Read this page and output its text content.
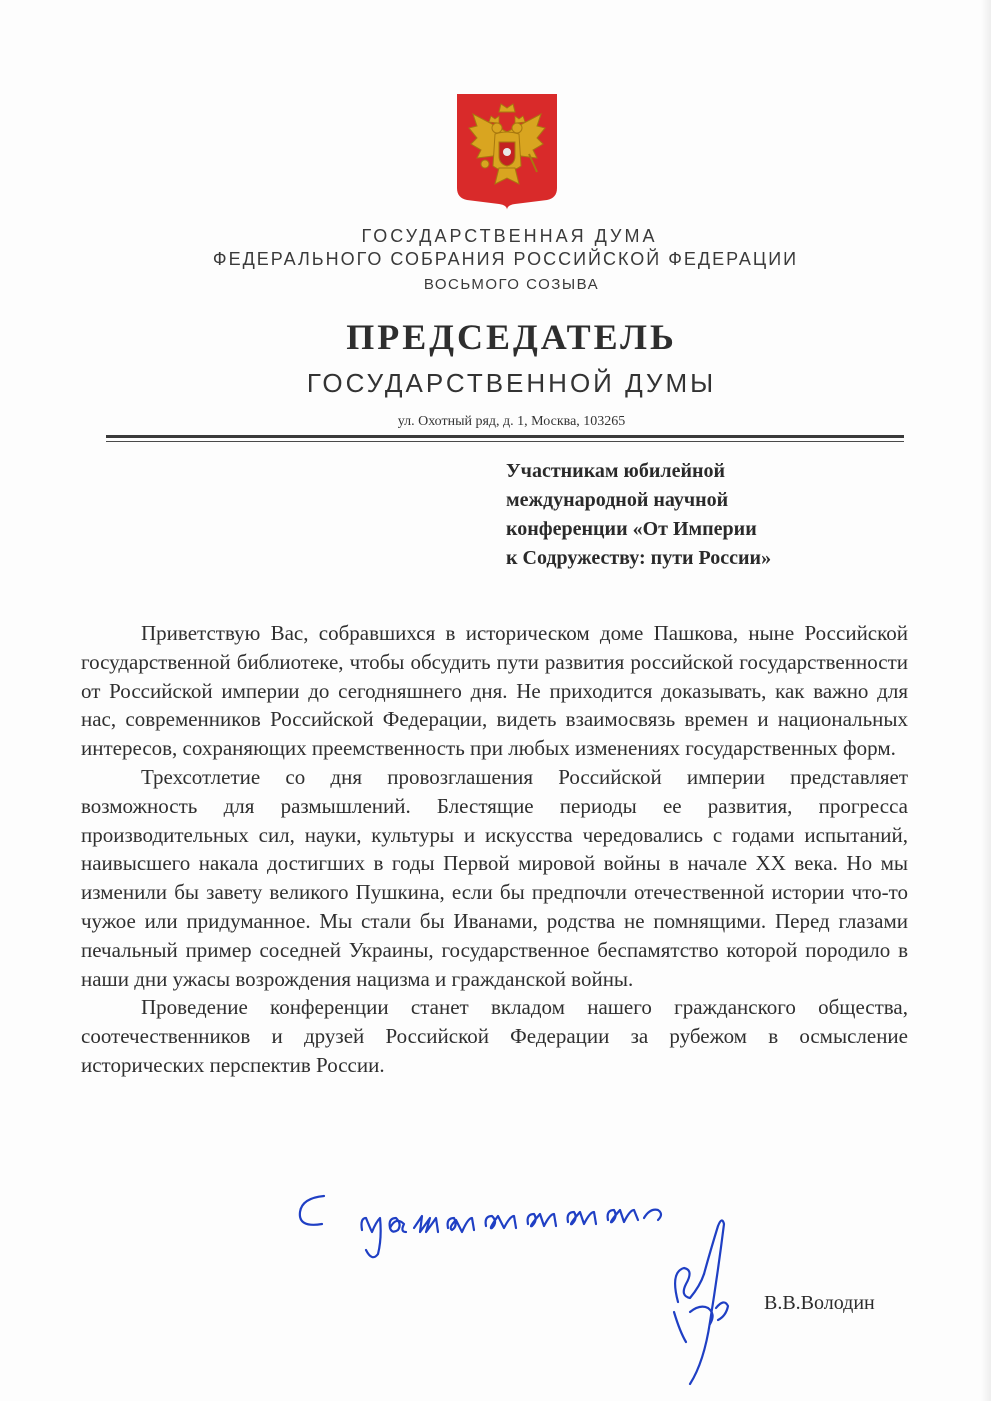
ГОСУДАРСТВЕННАЯ ДУМА
ФЕДЕРАЛЬНОГО СОБРАНИЯ РОССИЙСКОЙ ФЕДЕРАЦИИ
ВОСЬМОГО СОЗЫВА
ПРЕДСЕДАТЕЛЬ
ГОСУДАРСТВЕННОЙ ДУМЫ
ул. Охотный ряд, д. 1, Москва, 103265
Участникам юбилейной
международной научной
конференции «От Империи
к Содружеству: пути России»

Приветствую Вас, собравшихся в историческом доме Пашкова, ныне Российской государственной библиотеке, чтобы обсудить пути развития российской государственности от Российской империи до сегодняшнего дня. Не приходится доказывать, как важно для нас, современников Российской Федерации, видеть взаимосвязь времен и национальных интересов, сохраняющих преемственность при любых изменениях государственных форм.

Трехсотлетие со дня провозглашения Российской империи представляет возможность для размышлений. Блестящие периоды ее развития, прогресса производительных сил, науки, культуры и искусства чередовались с годами испытаний, наивысшего накала достигших в годы Первой мировой войны в начале XX века. Но мы изменили бы завету великого Пушкина, если бы предпочли отечественной истории что-то чужое или придуманное. Мы стали бы Иванами, родства не помнящими. Перед глазами печальный пример соседней Украины, государственное беспамятство которой породило в наши дни ужасы возрождения нацизма и гражданской войны.

Проведение конференции станет вкладом нашего гражданского общества, соотечественников и друзей Российской Федерации за рубежом в осмысление исторических перспектив России.

В.В.Володин
